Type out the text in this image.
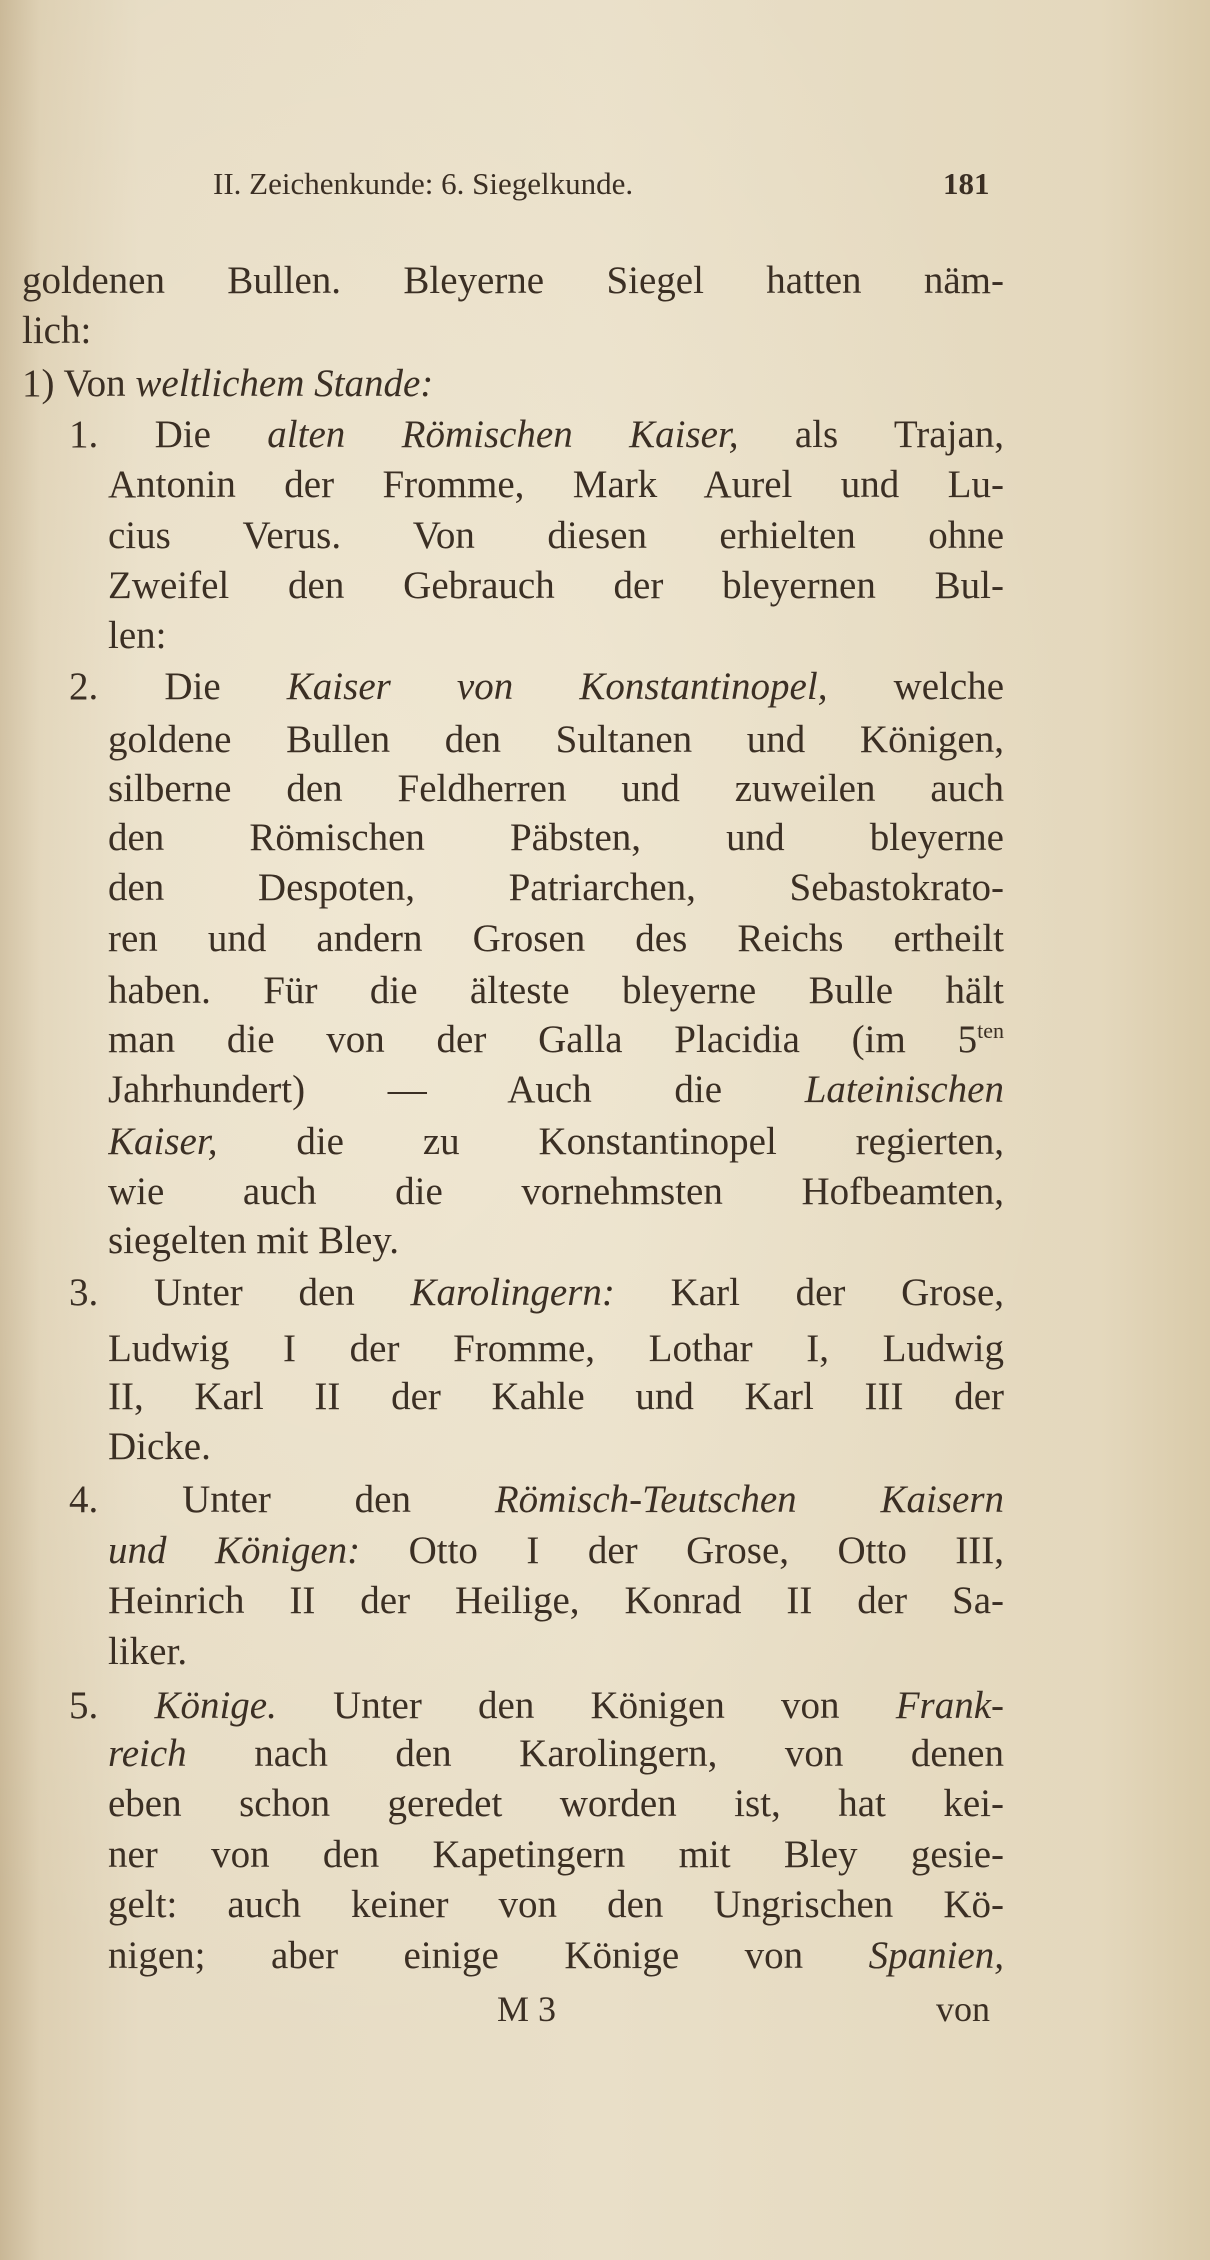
II. Zeichenkunde: 6. Siegelkunde.	181
goldenen Bullen. Bleyerne Siegel hatten näm-
lich:
1) Von weltlichem Stande:
1. Die alten Römischen Kaiser, als Trajan,
Antonin der Fromme, Mark Aurel und Lu-
cius Verus. Von diesen erhielten ohne
Zweifel den Gebrauch der bleyernen Bul-
len:
2. Die Kaiser von Konstantinopel, welche
goldene Bullen den Sultanen und Königen,
silberne den Feldherren und zuweilen auch
den Römischen Päbsten, und bleyerne
den Despoten, Patriarchen, Sebastokrato-
ren und andern Grosen des Reichs ertheilt
haben. Für die älteste bleyerne Bulle hält
man die von der Galla Placidia (im $5^{ten}$
Jahrhundert) — Auch die Lateinischen
Kaiser, die zu Konstantinopel regierten,
wie auch die vornehmsten Hofbeamten,
siegelten mit Bley.
3. Unter den Karolingern: Karl der Grose,
Ludwig I der Fromme, Lothar I, Ludwig
II, Karl II der Kahle und Karl III der
Dicke.
4. Unter den Römisch-Teutschen Kaisern
und Königen: Otto I der Grose, Otto III,
Heinrich II der Heilige, Konrad II der Sa-
liker.
5. Könige. Unter den Königen von Frank-
reich nach den Karolingern, von denen
eben schon geredet worden ist, hat kei-
ner von den Kapetingern mit Bley gesie-
gelt: auch keiner von den Ungrischen Kö-
nigen; aber einige Könige von Spanien,
M 3	von
